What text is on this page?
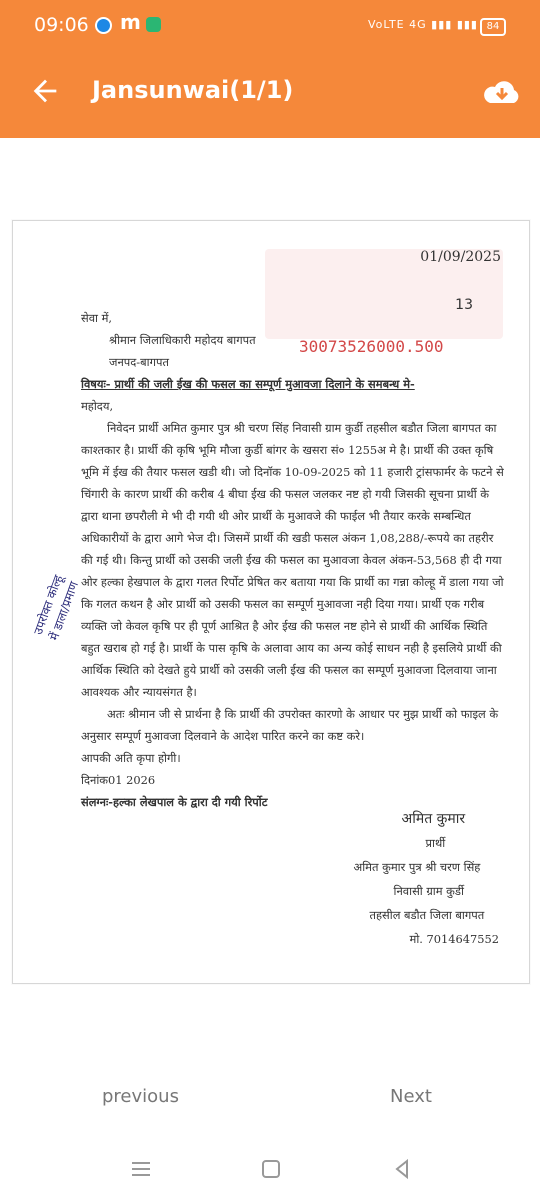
09:06 m	VoLTE 4G ▮▮▮ ▮▮▮ 84
Jansunwai(1/1)
01/09/2025
13
30073526000.500
सेवा में,
श्रीमान जिलाधिकारी महोदय बागपत
जनपद-बागपत
विषयः- प्रार्थी की जली ईख की फसल का सम्पूर्ण मुआवजा दिलाने के समबन्ध मे-
महोदय,
निवेदन प्रार्थी अमित कुमार पुत्र श्री चरण सिंह निवासी ग्राम कुर्डी तहसील बडौत जिला बागपत का काश्तकार है। प्रार्थी की कृषि भूमि मौजा कुर्डी बांगर के खसरा सं० 1255अ मे है। प्रार्थी की उक्त कृषि भूमि में ईख की तैयार फसल खडी थी। जो दिनॉक 10-09-2025 को 11 हजारी ट्रांसफार्मर के फटने से चिंगारी के कारण प्रार्थी की करीब 4 बीघा ईख की फसल जलकर नष्ट हो गयी जिसकी सूचना प्रार्थी के द्वारा थाना छपरौली मे भी दी गयी थी ओर प्रार्थी के मुआवजे की फाईल भी तैयार करके सम्बन्धित अधिकारीयों के द्वारा आगे भेज दी। जिसमें प्रार्थी की खडी फसल अंकन 1,08,288/-रूपये का तहरीर की गई थी। किन्तु प्रार्थी को उसकी जली ईख की फसल का मुआवजा केवल अंकन-53,568 ही दी गया ओर हल्का हेखपाल के द्वारा गलत रिर्पोट प्रेषित कर बताया गया कि प्रार्थी का गन्ना कोल्हू में डाला गया जो कि गलत कथन है ओर प्रार्थी को उसकी फसल का सम्पूर्ण मुआवजा नही दिया गया। प्रार्थी एक गरीब व्यक्ति जो केवल कृषि पर ही पूर्ण आश्रित है ओर ईख की फसल नष्ट होने से प्रार्थी की आर्थिक स्थिति बहुत खराब हो गई है। प्रार्थी के पास कृषि के अलावा आय का अन्य कोई साधन नही है इसलिये प्रार्थी की आर्थिक स्थिति को देखते हुये प्रार्थी को उसकी जली ईख की फसल का सम्पूर्ण मुआवजा दिलवाया जाना आवश्यक और न्यायसंगत है।
अतः श्रीमान जी से प्रार्थना है कि प्रार्थी की उपरोक्त कारणो के आधार पर मुझ प्रार्थी को फाइल के अनुसार सम्पूर्ण मुआवजा दिलवाने के आदेश पारित करने का कष्ट करे।
आपकी अति कृपा होगी।
दिनांक01 2026
संलग्नः-हल्का लेखपाल के द्वारा दी गयी रिर्पोट
उपरोक्त कोल्हू में डाला/प्रमाण
अमित कुमार
प्रार्थी
अमित कुमार पुत्र श्री चरण सिंह
निवासी ग्राम कुर्डी
तहसील बडौत जिला बागपत
मो. 7014647552
previous	Next
